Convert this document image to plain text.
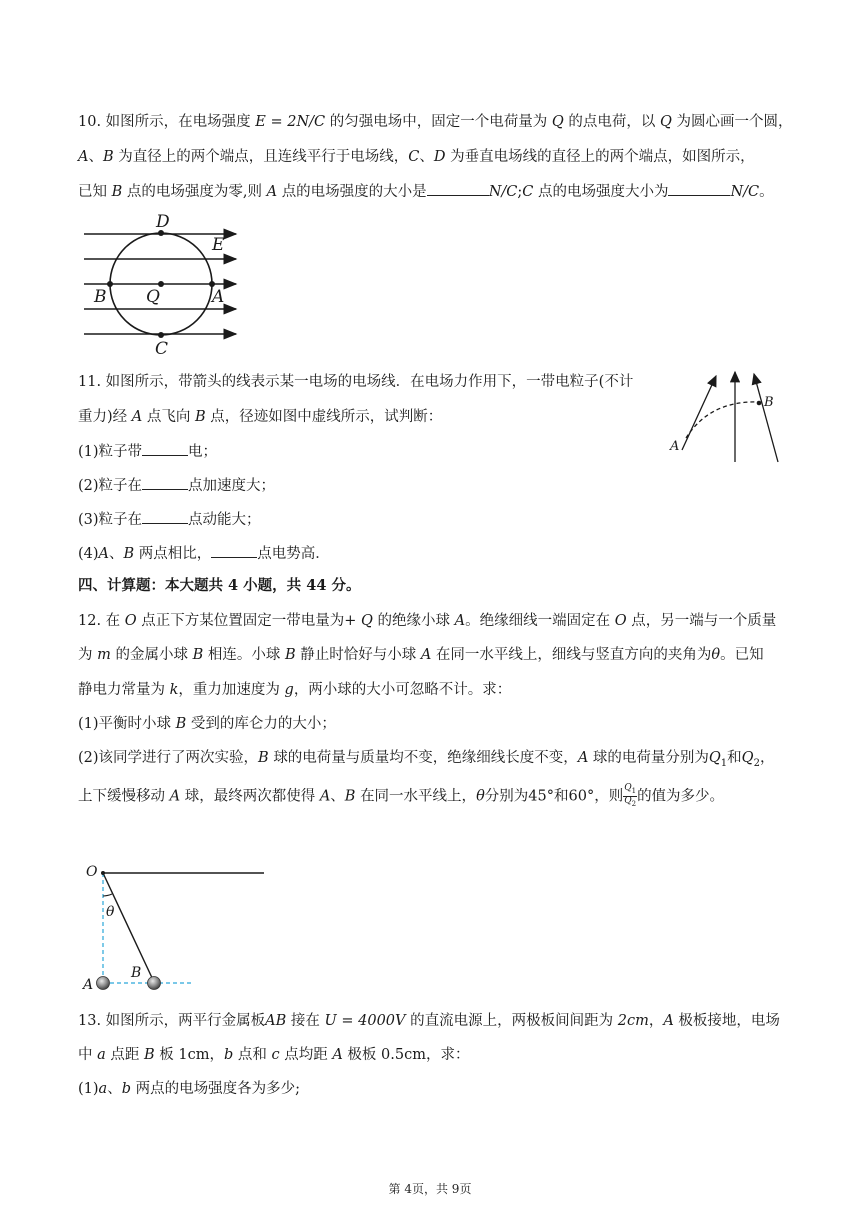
10. 如图所示，在电场强度 E = 2N/C 的匀强电场中，固定一个电荷量为 Q 的点电荷，以 Q 为圆心画一个圆，
A、B 为直径上的两个端点，且连线平行于电场线，C、D 为垂直电场线的直径上的两个端点，如图所示，
已知 B 点的电场强度为零,则 A 点的电场强度的大小是	N/C;C 点的电场强度大小为	N/C。
D
E
B Q	A
C
11. 如图所示，带箭头的线表示某一电场的电场线．在电场力作用下，一带电粒子(不计
重力)经 A 点飞向 B 点，径迹如图中虚线所示，试判断：
(1)粒子带	电；
(2)粒子在	点加速度大；
(3)粒子在	点动能大；
(4)A、B 两点相比，	点电势高．
A
B
四、计算题：本大题共 4 小题，共 44 分。
12. 在 O 点正下方某位置固定一带电量为+ Q 的绝缘小球 A。绝缘细线一端固定在 O 点，另一端与一个质量
为 m 的金属小球 B 相连。小球 B 静止时恰好与小球 A 在同一水平线上，细线与竖直方向的夹角为θ。已知
静电力常量为 k，重力加速度为 g，两小球的大小可忽略不计。求：
(1)平衡时小球 B 受到的库仑力的大小；
(2)该同学进行了两次实验，B 球的电荷量与质量均不变，绝缘细线长度不变，A 球的电荷量分别为$Q_1$和$Q_2$，
上下缓慢移动 A 球，最终两次都使得 A、B 在同一水平线上，θ分别为45°和60°，则 $\frac{Q_1}{Q_2}$ 的值为多少。
O
θ
A
B
13. 如图所示，两平行金属板AB 接在 U = 4000V 的直流电源上，两极板间间距为 2cm，A 极板接地，电场
中 a 点距 B 板 1cm，b 点和 c 点均距 A 极板 0.5cm，求：
(1)a、b 两点的电场强度各为多少;
第 4页，共 9页
